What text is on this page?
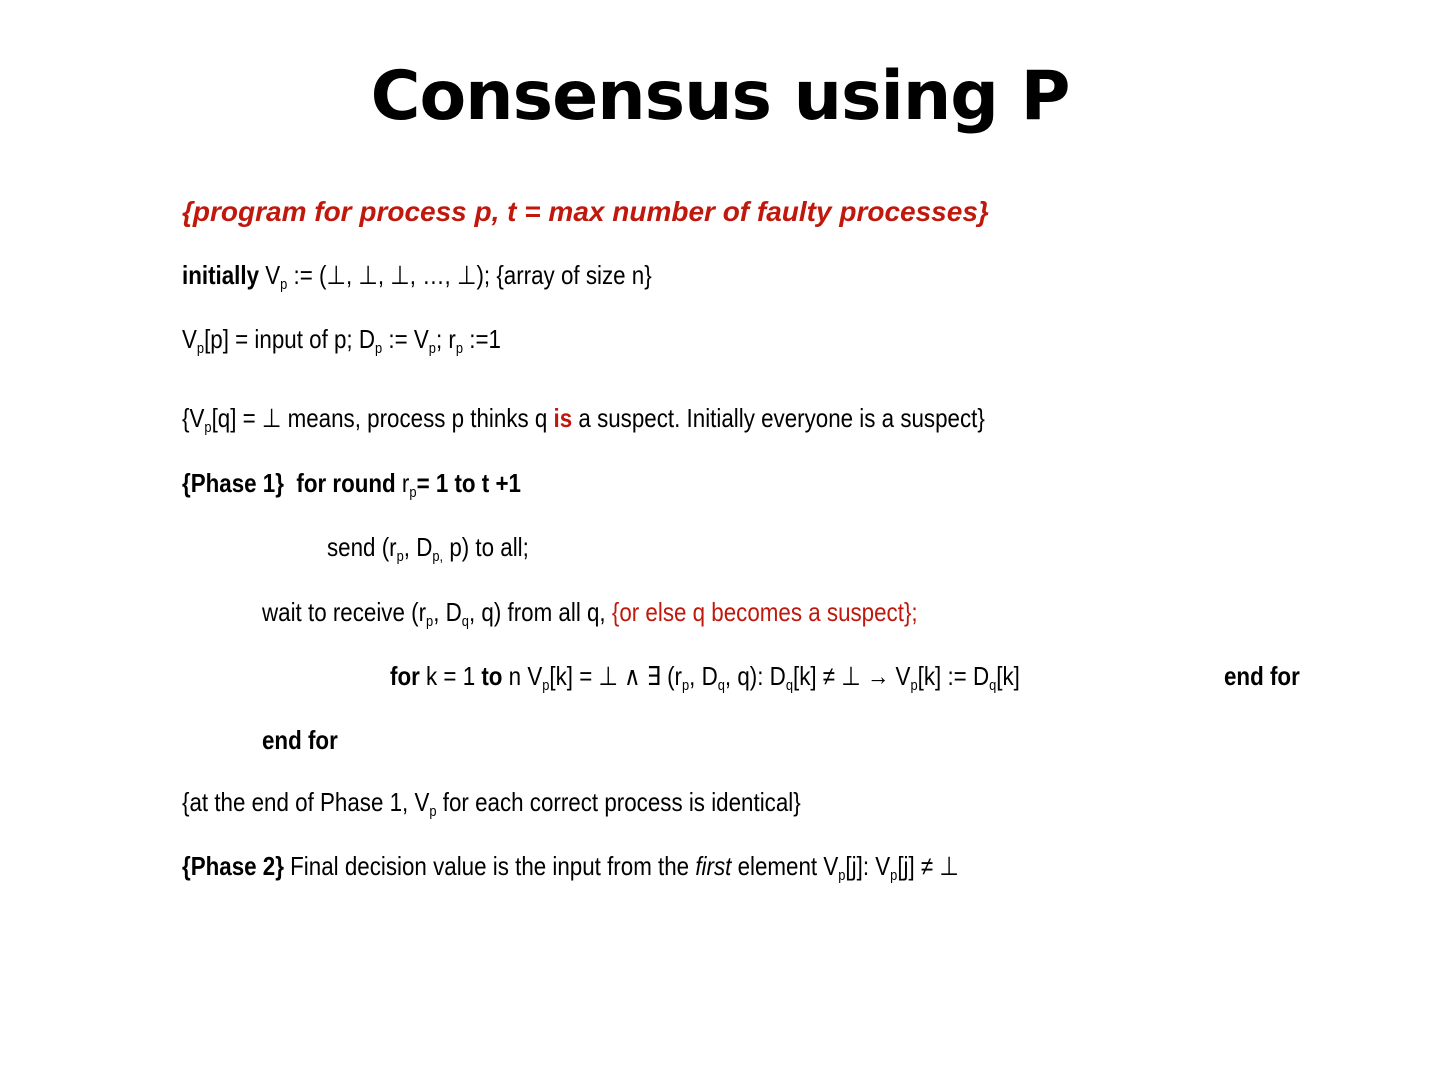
Consensus using P
{program for process p, t = max number of faulty processes}
initially $V_p$ := (⊥, ⊥, ⊥, …, ⊥); {array of size n}
$V_p[p]$ = input of p; $D_p$ := $V_p$; $r_p$ :=1
{$V_p[q]$ = ⊥ means, process p thinks q is a suspect. Initially everyone is a suspect}
{Phase 1} for round $r_p= 1$ to t +1
send ($r_p$, $D_{p,}$ p) to all;
wait to receive ($r_p$, $D_q$, q) from all q, {or else q becomes a suspect};
for k = 1 to n $V_p[k]$ = ⊥ ∧ ∃ ($r_p$, $D_q$, q): $D_q[k]$ ≠ ⊥ → $V_p[k]$ := $D_q[k]$	end for
end for
{at the end of Phase 1, $V_p$ for each correct process is identical}
{Phase 2} Final decision value is the input from the first element $V_p[j]$: $V_p[j]$ ≠ ⊥
